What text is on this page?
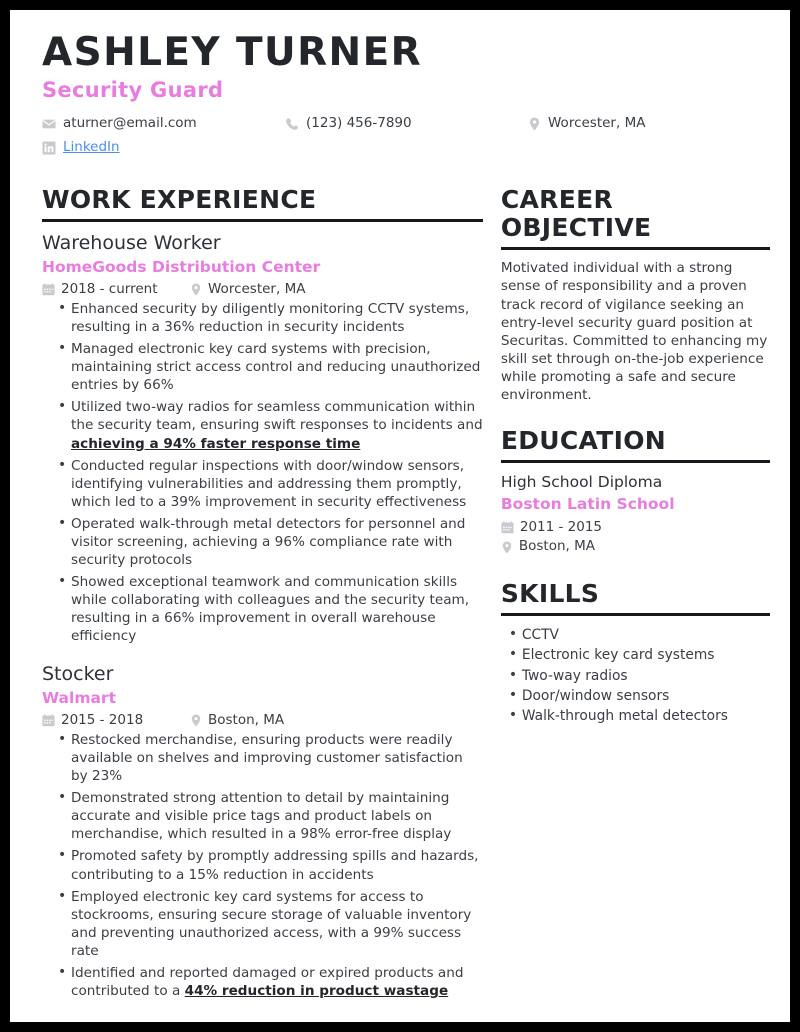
ASHLEY TURNER
Security Guard
aturner@email.com	(123) 456-7890	Worcester, MA
LinkedIn
WORK EXPERIENCE
Warehouse Worker
HomeGoods Distribution Center
2018 - current	Worcester, MA
• Enhanced security by diligently monitoring CCTV systems, resulting in a 36% reduction in security incidents
• Managed electronic key card systems with precision, maintaining strict access control and reducing unauthorized entries by 66%
• Utilized two-way radios for seamless communication within the security team, ensuring swift responses to incidents and achieving a 94% faster response time
• Conducted regular inspections with door/window sensors, identifying vulnerabilities and addressing them promptly, which led to a 39% improvement in security effectiveness
• Operated walk-through metal detectors for personnel and visitor screening, achieving a 96% compliance rate with security protocols
• Showed exceptional teamwork and communication skills while collaborating with colleagues and the security team, resulting in a 66% improvement in overall warehouse efficiency
Stocker
Walmart
2015 - 2018	Boston, MA
• Restocked merchandise, ensuring products were readily available on shelves and improving customer satisfaction by 23%
• Demonstrated strong attention to detail by maintaining accurate and visible price tags and product labels on merchandise, which resulted in a 98% error-free display
• Promoted safety by promptly addressing spills and hazards, contributing to a 15% reduction in accidents
• Employed electronic key card systems for access to stockrooms, ensuring secure storage of valuable inventory and preventing unauthorized access, with a 99% success rate
• Identified and reported damaged or expired products and contributed to a 44% reduction in product wastage
CAREER OBJECTIVE
Motivated individual with a strong sense of responsibility and a proven track record of vigilance seeking an entry-level security guard position at Securitas. Committed to enhancing my skill set through on-the-job experience while promoting a safe and secure environment.
EDUCATION
High School Diploma
Boston Latin School
2011 - 2015
Boston, MA
SKILLS
• CCTV
• Electronic key card systems
• Two-way radios
• Door/window sensors
• Walk-through metal detectors
